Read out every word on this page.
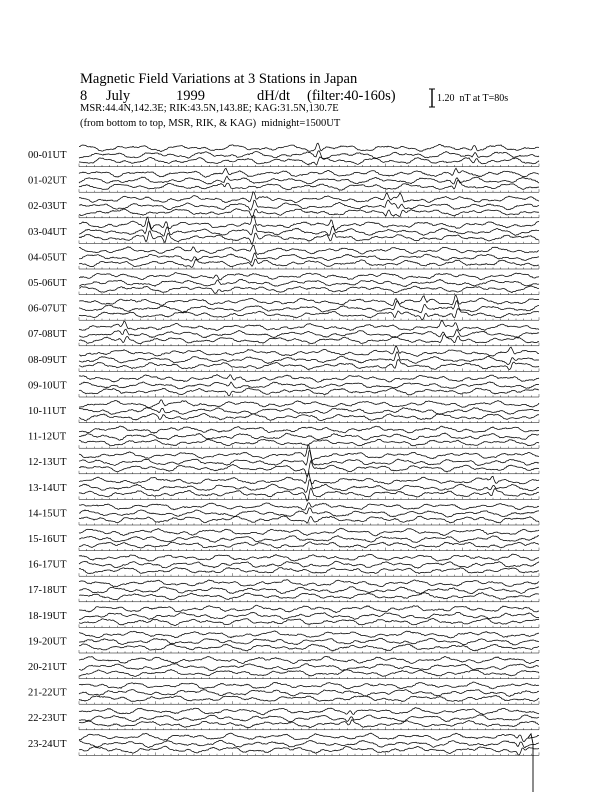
Magnetic Field Variations at 3 Stations in Japan

8

July

	1999

	dH/dt

(filter:40-160s)

MSR:44.4N,142.3E; RIK:43.5N,143.8E; KAG:31.5N,130.7E
(from bottom to top, MSR, RIK, & KAG) midnight=1500UT
1.20  nT at T=80s
00-01UT
01-02UT
02-03UT
03-04UT
04-05UT
05-06UT
06-07UT
07-08UT
08-09UT
09-10UT
10-11UT
11-12UT
12-13UT
13-14UT
14-15UT
15-16UT
16-17UT
17-18UT
18-19UT
19-20UT
20-21UT
21-22UT
22-23UT
23-24UT
